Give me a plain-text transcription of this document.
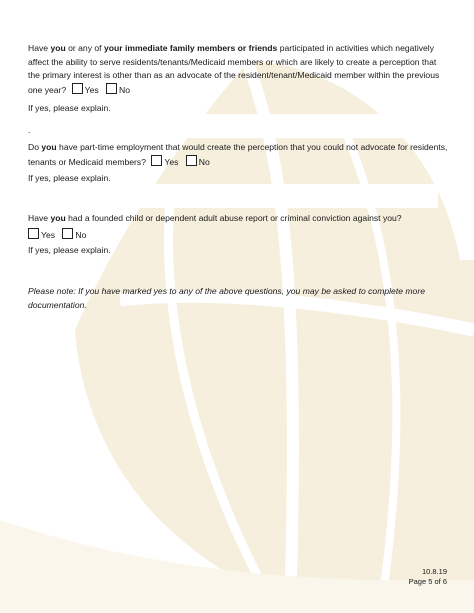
Have you or any of your immediate family members or friends participated in activities which negatively affect the ability to serve residents/tenants/Medicaid members or which are likely to create a perception that the primary interest is other than as an advocate of the resident/tenant/Medicaid member within the previous one year? Yes No
If yes, please explain.
.
Do you have part-time employment that would create the perception that you could not advocate for residents, tenants or Medicaid members? Yes No
If yes, please explain.
Have you had a founded child or dependent adult abuse report or criminal conviction against you?
Yes No
If yes, please explain.
Please note: If you have marked yes to any of the above questions, you may be asked to complete more documentation.
10.8.19
Page 5 of 6
